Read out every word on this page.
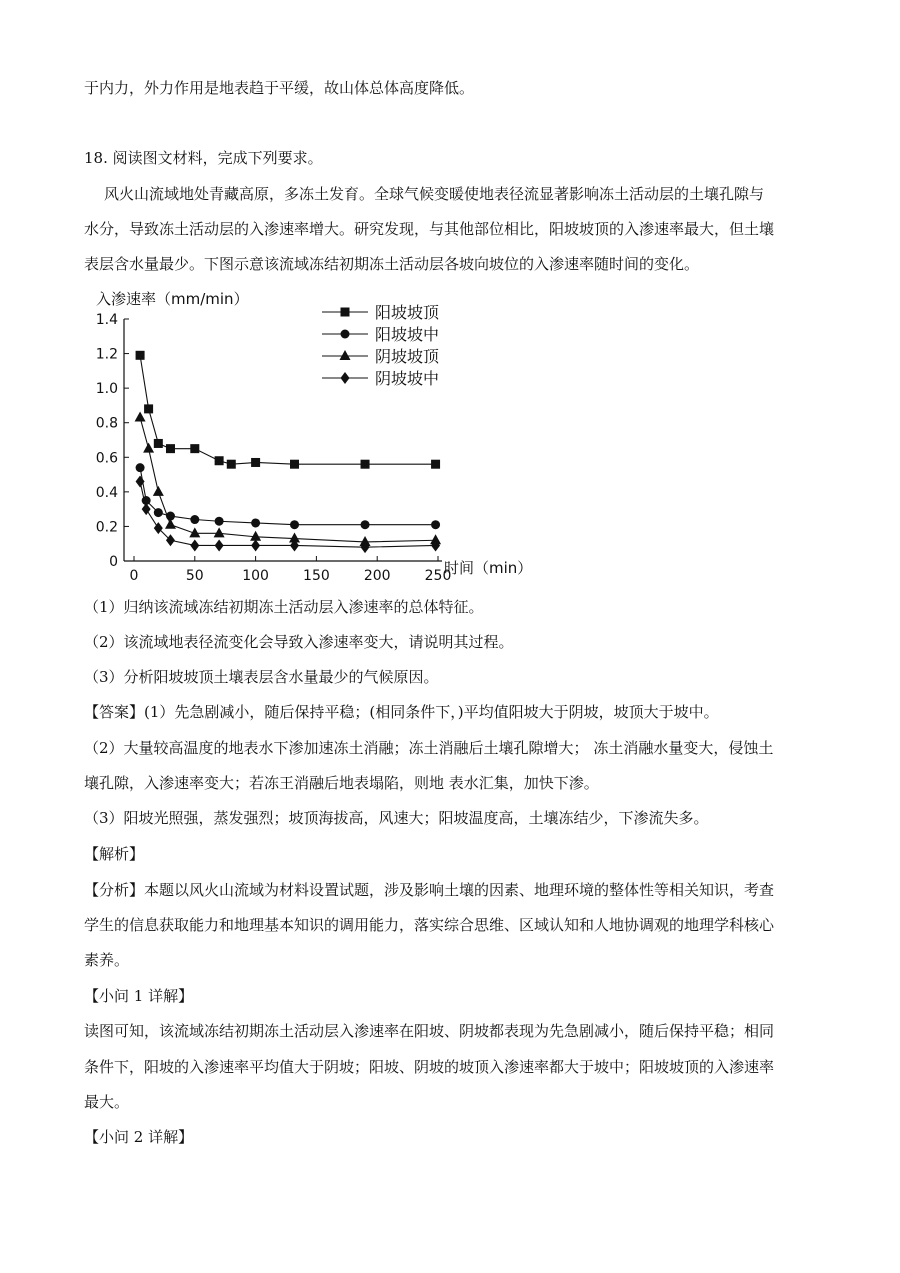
于内力，外力作用是地表趋于平缓，故山体总体高度降低。
18. 阅读图文材料，完成下列要求。
风火山流域地处青藏高原，多冻土发育。全球气候变暖使地表径流显著影响冻土活动层的土壤孔隙与
水分，导致冻土活动层的入渗速率增大。研究发现，与其他部位相比，阳坡坡顶的入渗速率最大，但土壤
表层含水量最少。下图示意该流域冻结初期冻土活动层各坡向坡位的入渗速率随时间的变化。
入渗速率（mm/min）
时间（min）
0
0.2
0.4
0.6
0.8
1.0
1.2
1.4
0	50	100 150 200 250
阳坡坡顶
阳坡坡中
阴坡坡顶
阴坡坡中
（1）归纳该流域冻结初期冻土活动层入渗速率的总体特征。
（2）该流域地表径流变化会导致入渗速率变大，请说明其过程。
（3）分析阳坡坡顶土壤表层含水量最少的气候原因。
【答案】(1）先急剧减小，随后保持平稳；(相同条件下，)平均值阳坡大于阴坡，坡顶大于坡中。
（2）大量较高温度的地表水下渗加速冻土消融；冻土消融后土壤孔隙增大； 冻土消融水量变大，侵蚀土
壤孔隙，入渗速率变大；若冻王消融后地表塌陷，则地 表水汇集，加快下渗。
（3）阳坡光照强，蒸发强烈；坡顶海拔高，风速大；阳坡温度高，土壤冻结少，下渗流失多。
【解析】
【分析】本题以风火山流域为材料设置试题，涉及影响土壤的因素、地理环境的整体性等相关知识，考查
学生的信息获取能力和地理基本知识的调用能力，落实综合思维、区域认知和人地协调观的地理学科核心
素养。
【小问 1 详解】
读图可知，该流域冻结初期冻土活动层入渗速率在阳坡、阴坡都表现为先急剧减小，随后保持平稳；相同
条件下，阳坡的入渗速率平均值大于阴坡；阳坡、阴坡的坡顶入渗速率都大于坡中；阳坡坡顶的入渗速率
最大。
【小问 2 详解】
